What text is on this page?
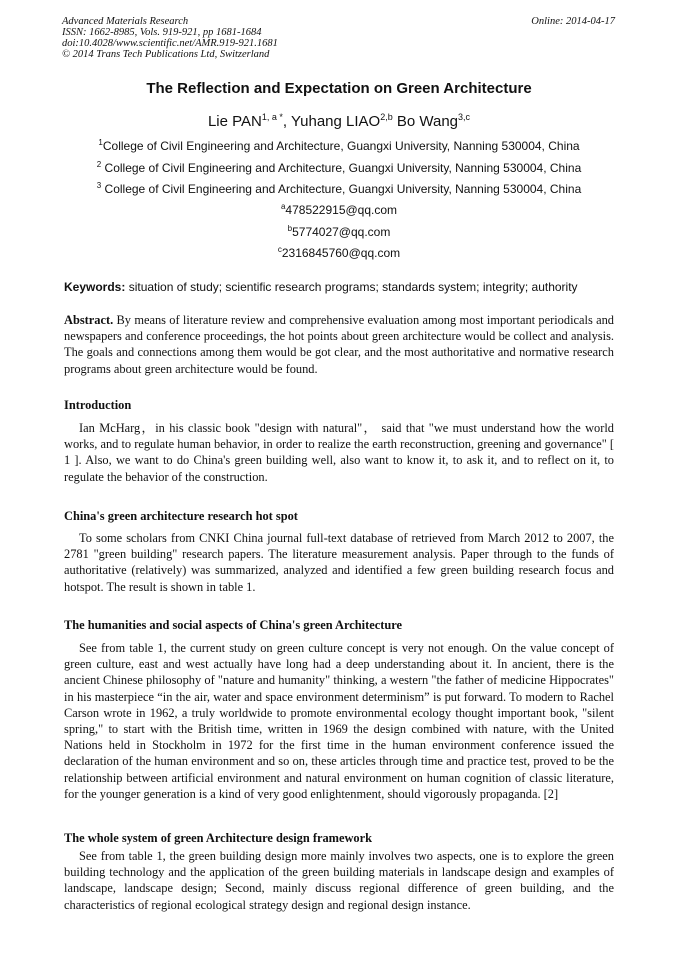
Advanced Materials Research
ISSN: 1662-8985, Vols. 919-921, pp 1681-1684
doi:10.4028/www.scientific.net/AMR.919-921.1681
© 2014 Trans Tech Publications Ltd, Switzerland
Online: 2014-04-17
The Reflection and Expectation on Green Architecture
Lie $PAN^{1, a *}$, Yuhang LIAO$^{2,b}$ Bo Wang$^{3,c}$
$^1$College of Civil Engineering and Architecture, Guangxi University, Nanning 530004, China
$^2$ College of Civil Engineering and Architecture, Guangxi University, Nanning 530004, China
$^3$ College of Civil Engineering and Architecture, Guangxi University, Nanning 530004, China
$^a$478522915@qq.com
$^b$5774027@qq.com
$^c$2316845760@qq.com
Keywords: situation of study; scientific research programs; standards system; integrity; authority
Abstract. By means of literature review and comprehensive evaluation among most important periodicals and newspapers and conference proceedings, the hot points about green architecture would be collect and analysis. The goals and connections among them would be got clear, and the most authoritative and normative research programs about green architecture would be found.
Introduction
Ian McHarg，in his classic book "design with natural"， said that "we must understand how the world works, and to regulate human behavior, in order to realize the earth reconstruction, greening and governance" [ 1 ]. Also, we want to do China's green building well, also want to know it, to ask it, and to reflect on it, to regulate the behavior of the construction.
China's green architecture research hot spot
To some scholars from CNKI China journal full-text database of retrieved from March 2012 to 2007, the 2781 "green building" research papers. The literature measurement analysis. Paper through to the funds of authoritative (relatively) was summarized, analyzed and identified a few green building research focus and hotspot. The result is shown in table 1.
The humanities and social aspects of China's green Architecture
See from table 1, the current study on green culture concept is very not enough. On the value concept of green culture, east and west actually have long had a deep understanding about it. In ancient, there is the ancient Chinese philosophy of "nature and humanity" thinking, a western "the father of medicine Hippocrates" in his masterpiece “in the air, water and space environment determinism” is put forward. To modern to Rachel Carson wrote in 1962, a truly worldwide to promote environmental ecology thought important book, "silent spring," to start with the British time, written in 1969 the design combined with nature, with the United Nations held in Stockholm in 1972 for the first time in the human environment conference issued the declaration of the human environment and so on, these articles through time and practice test, proved to be the relationship between artificial environment and natural environment on human cognition of classic literature, for the younger generation is a kind of very good enlightenment, should vigorously propaganda. [2]
The whole system of green Architecture design framework
See from table 1, the green building design more mainly involves two aspects, one is to explore the green building technology and the application of the green building materials in landscape design and examples of landscape, landscape design; Second, mainly discuss regional difference of green building, and the characteristics of regional ecological strategy design and regional design instance.
